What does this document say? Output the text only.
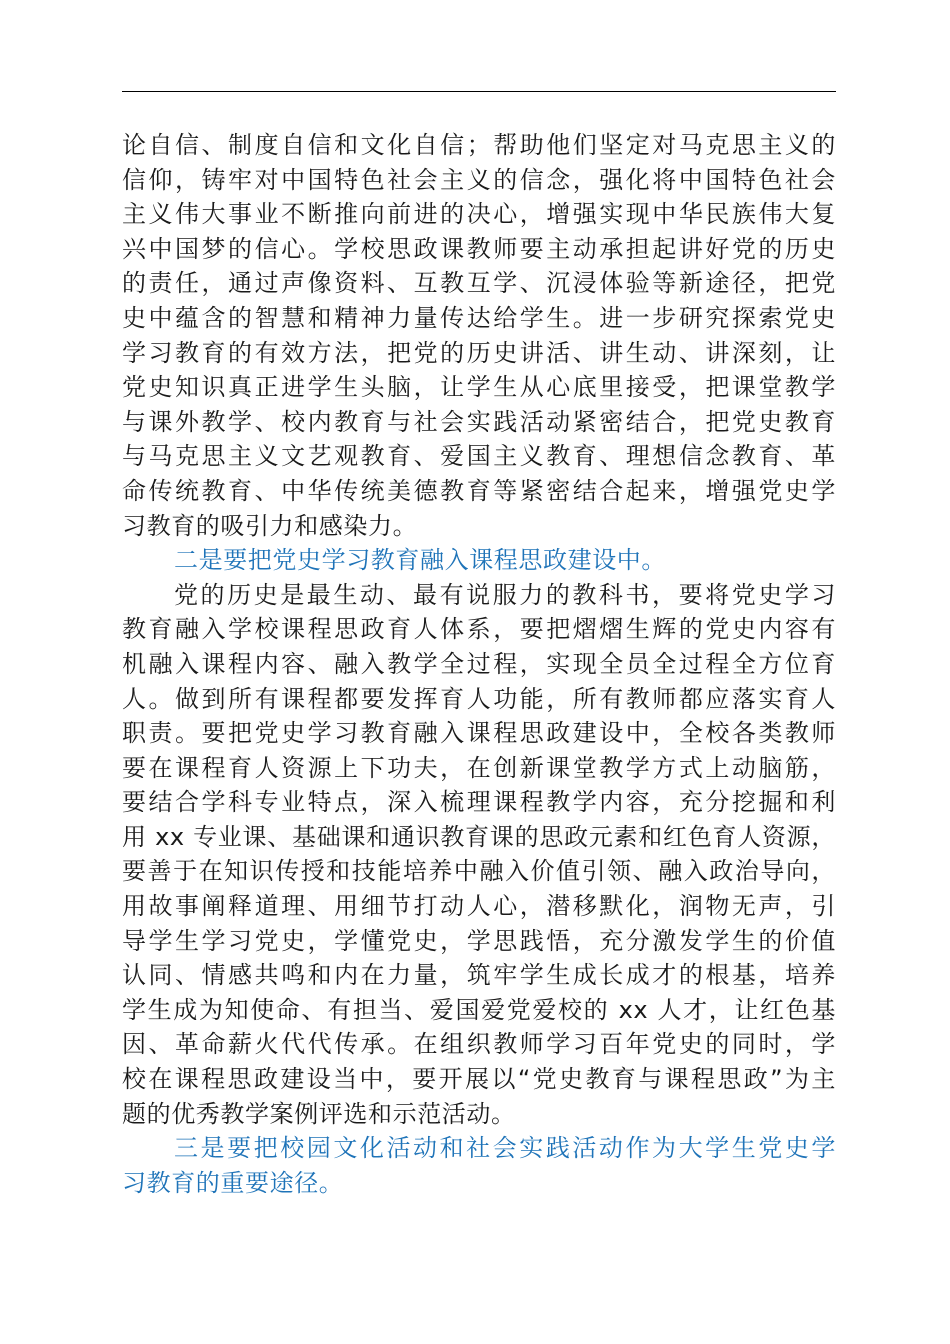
论自信、制度自信和文化自信；帮助他们坚定对马克思主义的
信仰，铸牢对中国特色社会主义的信念，强化将中国特色社会
主义伟大事业不断推向前进的决心，增强实现中华民族伟大复
兴中国梦的信心。学校思政课教师要主动承担起讲好党的历史
的责任，通过声像资料、互教互学、沉浸体验等新途径，把党
史中蕴含的智慧和精神力量传达给学生。进一步研究探索党史
学习教育的有效方法，把党的历史讲活、讲生动、讲深刻，让
党史知识真正进学生头脑，让学生从心底里接受，把课堂教学
与课外教学、校内教育与社会实践活动紧密结合，把党史教育
与马克思主义文艺观教育、爱国主义教育、理想信念教育、革
命传统教育、中华传统美德教育等紧密结合起来，增强党史学
习教育的吸引力和感染力。
二是要把党史学习教育融入课程思政建设中。
党的历史是最生动、最有说服力的教科书，要将党史学习
教育融入学校课程思政育人体系，要把熠熠生辉的党史内容有
机融入课程内容、融入教学全过程，实现全员全过程全方位育
人。做到所有课程都要发挥育人功能，所有教师都应落实育人
职责。要把党史学习教育融入课程思政建设中，全校各类教师
要在课程育人资源上下功夫，在创新课堂教学方式上动脑筋，
要结合学科专业特点，深入梳理课程教学内容，充分挖掘和利
用 xx 专业课、基础课和通识教育课的思政元素和红色育人资源，
要善于在知识传授和技能培养中融入价值引领、融入政治导向，
用故事阐释道理、用细节打动人心，潜移默化，润物无声，引
导学生学习党史，学懂党史，学思践悟，充分激发学生的价值
认同、情感共鸣和内在力量，筑牢学生成长成才的根基，培养
学生成为知使命、有担当、爱国爱党爱校的 xx 人才，让红色基
因、革命薪火代代传承。在组织教师学习百年党史的同时，学
校在课程思政建设当中，要开展以“党史教育与课程思政”为主
题的优秀教学案例评选和示范活动。
三是要把校园文化活动和社会实践活动作为大学生党史学
习教育的重要途径。
